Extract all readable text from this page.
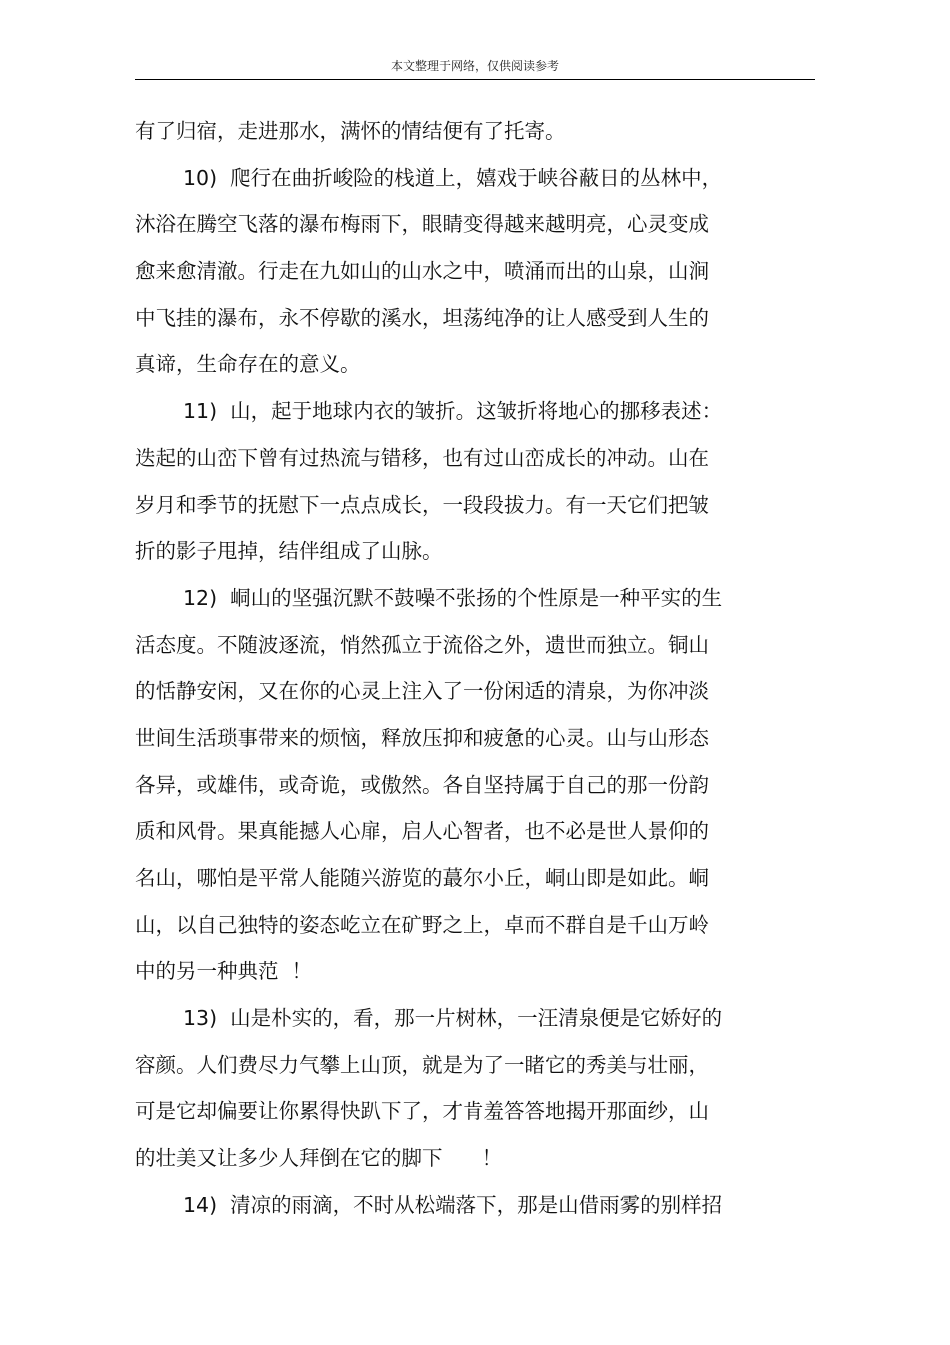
本文整理于网络，仅供阅读参考
有了归宿，走进那水，满怀的情结便有了托寄。
10)  爬行在曲折峻险的栈道上，嬉戏于峡谷蔽日的丛林中，
沐浴在腾空飞落的瀑布梅雨下，眼睛变得越来越明亮，心灵变成
愈来愈清澈。行走在九如山的山水之中，喷涌而出的山泉，山涧
中飞挂的瀑布，永不停歇的溪水，坦荡纯净的让人感受到人生的
真谛，生命存在的意义。
11)  山，起于地球内衣的皱折。这皱折将地心的挪移表述：
迭起的山峦下曾有过热流与错移，也有过山峦成长的冲动。山在
岁月和季节的抚慰下一点点成长，一段段拔力。有一天它们把皱
折的影子甩掉，结伴组成了山脉。
12)  峒山的坚强沉默不鼓噪不张扬的个性原是一种平实的生
活态度。不随波逐流，悄然孤立于流俗之外，遗世而独立。铜山
的恬静安闲，又在你的心灵上注入了一份闲适的清泉，为你冲淡
世间生活琐事带来的烦恼，释放压抑和疲惫的心灵。山与山形态
各异，或雄伟，或奇诡，或傲然。各自坚持属于自己的那一份韵
质和风骨。果真能撼人心扉，启人心智者，也不必是世人景仰的
名山，哪怕是平常人能随兴游览的蕞尔小丘，峒山即是如此。峒
山，以自己独特的姿态屹立在矿野之上，卓而不群自是千山万岭
中的另一种典范  ！
13)  山是朴实的，看，那一片树林，一汪清泉便是它娇好的
容颜。人们费尽力气攀上山顶，就是为了一睹它的秀美与壮丽，
可是它却偏要让你累得快趴下了，才肯羞答答地揭开那面纱，山
的壮美又让多少人拜倒在它的脚下      ！
14)  清凉的雨滴，不时从松端落下，那是山借雨雾的别样招
